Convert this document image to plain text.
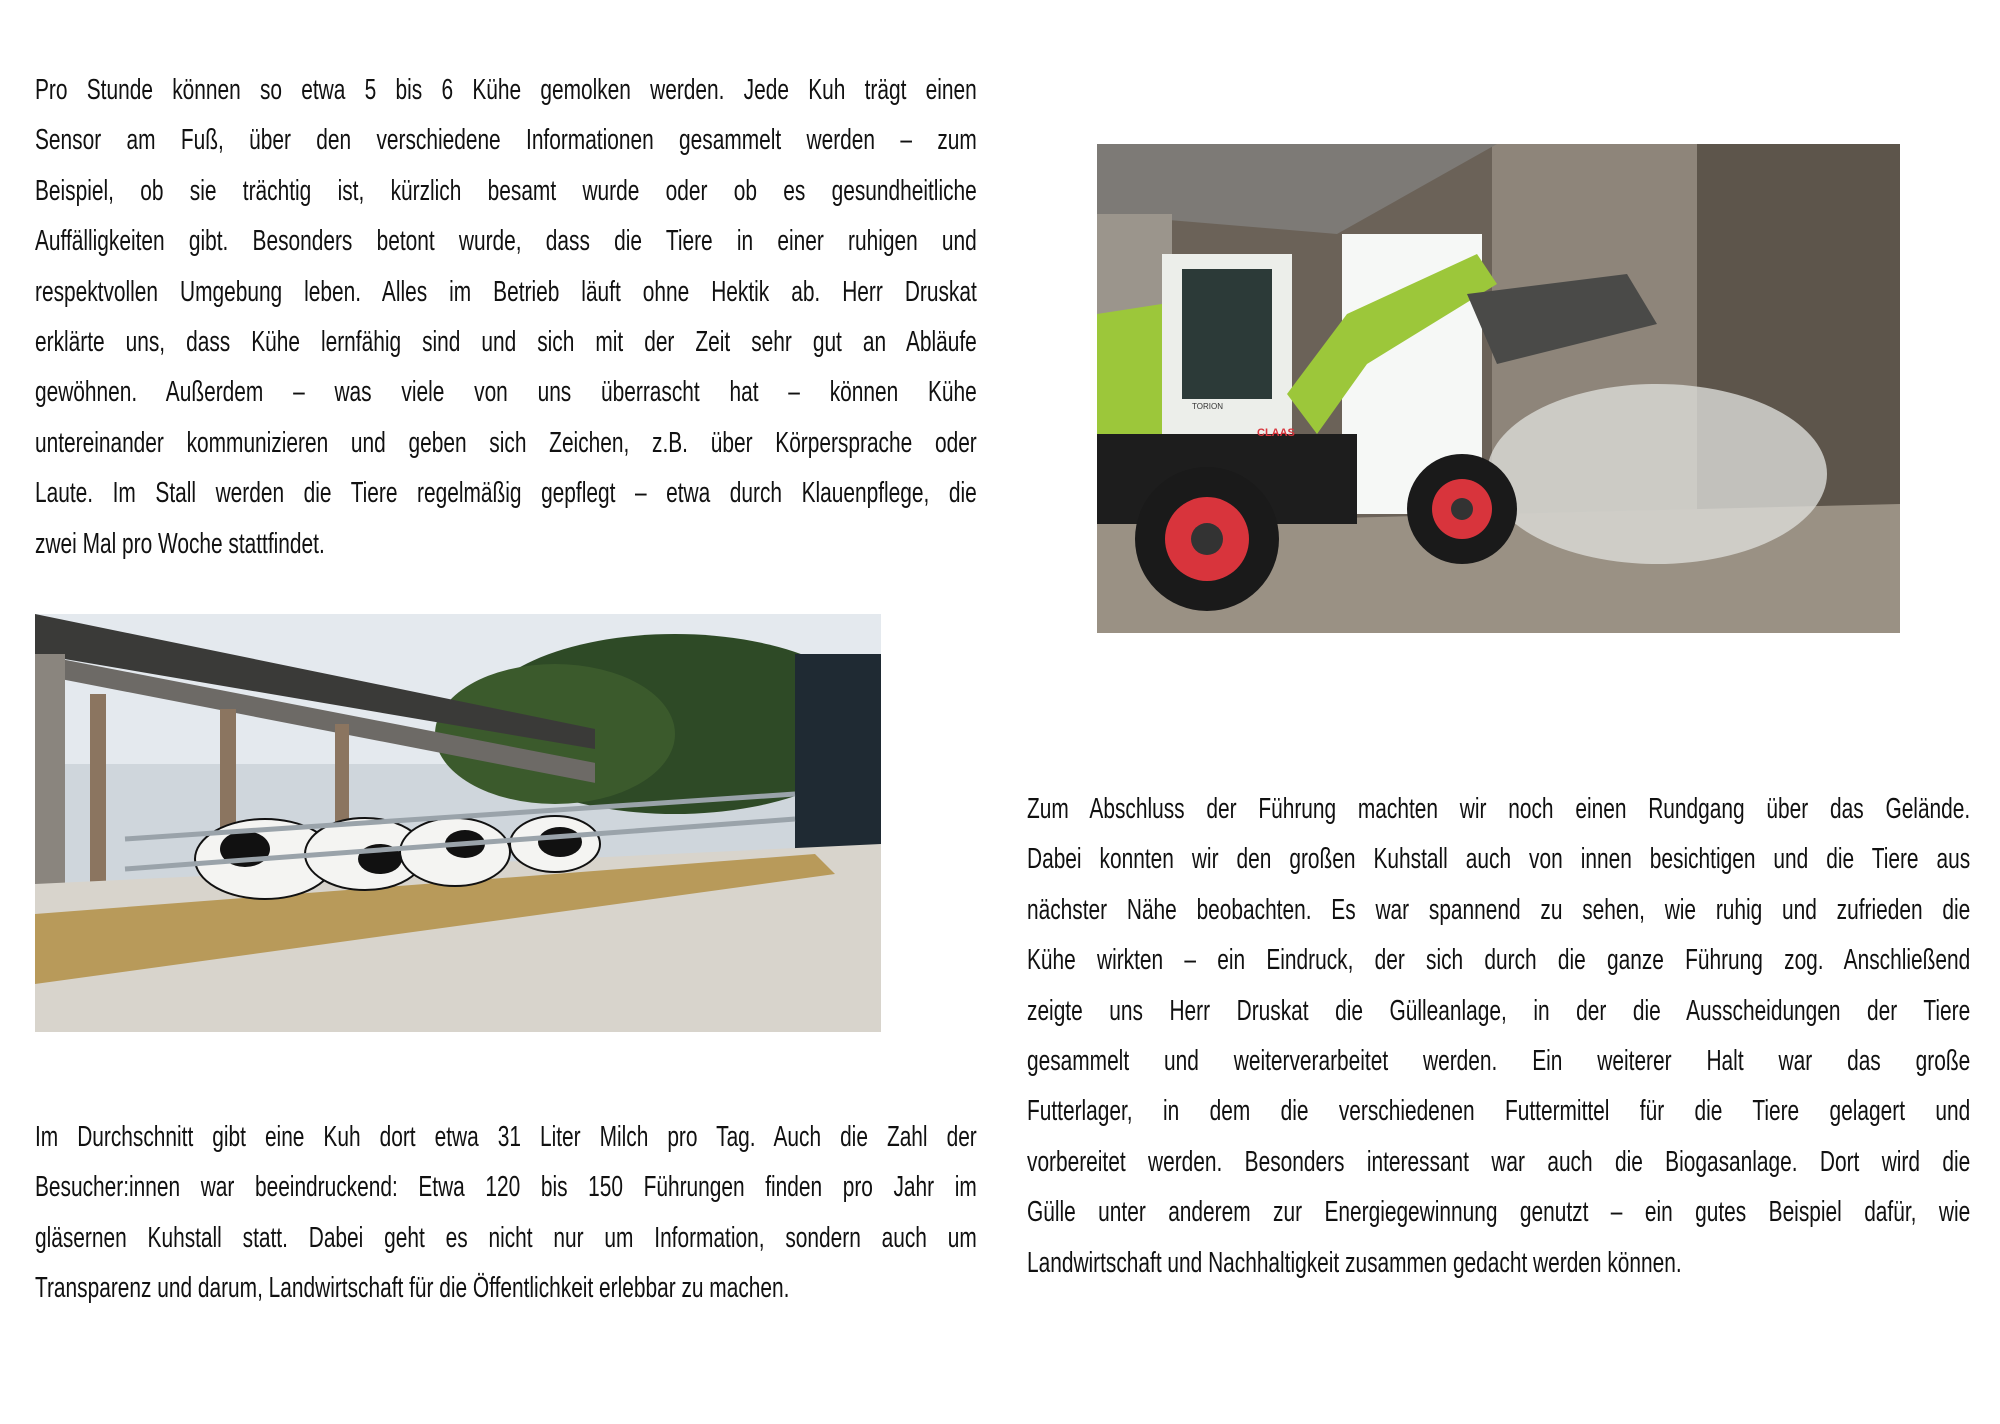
Pro Stunde können so etwa 5 bis 6 Kühe gemolken werden. Jede Kuh trägt einen
Sensor am Fuß, über den verschiedene Informationen gesammelt werden – zum
Beispiel, ob sie trächtig ist, kürzlich besamt wurde oder ob es gesundheitliche
Auffälligkeiten gibt. Besonders betont wurde, dass die Tiere in einer ruhigen und
respektvollen Umgebung leben. Alles im Betrieb läuft ohne Hektik ab. Herr Druskat
erklärte uns, dass Kühe lernfähig sind und sich mit der Zeit sehr gut an Abläufe
gewöhnen. Außerdem – was viele von uns überrascht hat – können Kühe
untereinander kommunizieren und geben sich Zeichen, z.B. über Körpersprache oder
Laute. Im Stall werden die Tiere regelmäßig gepflegt – etwa durch Klauenpflege, die
zwei Mal pro Woche stattfindet.
Im Durchschnitt gibt eine Kuh dort etwa 31 Liter Milch pro Tag. Auch die Zahl der
Besucher:innen war beeindruckend: Etwa 120 bis 150 Führungen finden pro Jahr im
gläsernen Kuhstall statt. Dabei geht es nicht nur um Information, sondern auch um
Transparenz und darum, Landwirtschaft für die Öffentlichkeit erlebbar zu machen.
CLAAS
TORION
Zum Abschluss der Führung machten wir noch einen Rundgang über das Gelände.
Dabei konnten wir den großen Kuhstall auch von innen besichtigen und die Tiere aus
nächster Nähe beobachten. Es war spannend zu sehen, wie ruhig und zufrieden die
Kühe wirkten – ein Eindruck, der sich durch die ganze Führung zog. Anschließend
zeigte uns Herr Druskat die Gülleanlage, in der die Ausscheidungen der Tiere
gesammelt und weiterverarbeitet werden. Ein weiterer Halt war das große
Futterlager, in dem die verschiedenen Futtermittel für die Tiere gelagert und
vorbereitet werden. Besonders interessant war auch die Biogasanlage. Dort wird die
Gülle unter anderem zur Energiegewinnung genutzt – ein gutes Beispiel dafür, wie
Landwirtschaft und Nachhaltigkeit zusammen gedacht werden können.
